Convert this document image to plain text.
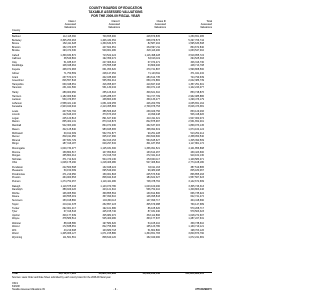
COUNTY BOARDS OF EDUCATION
TAXABLE ASSESSED VALUATIONS
FOR THE 2009-09 FISCAL YEAR
County
Class I
Assessed
Valuations
Class II
Assessed
Valuations
Class III
Assessed
Valuations
Total
Assessed
Valuations
Barbour	112,115,360	709,655,900	428,879,835	1,250,651,095
Berkeley	3,305,253,063	1,406,434,352	668,079,573	5,297,766,744
Boone	182,411,628	1,330,634,676	82,587,204	1,595,633,508
Braxton	152,470,978	447,604,651	264,597,211	864,672,840
Brooke	193,472,330	549,961,480	320,113,200	1,063,547,010
Cabell	1,369,934,872	713,522,424	1,116,498,428	3,519,955,724
Calhoun	38,549,802	192,359,472	63,616,119	294,525,393
Clay	51,935,647	227,306,612	67,074,471	346,316,730
Doddridge	108,348,964	276,555,338	63,809,406	448,713,708
Fayette	468,072,983	661,053,620	470,741,897	1,599,868,500
Gilmer	71,750,569	228,147,052	71,143,811	371,041,432
Grant	237,570,474	202,035,906	284,614,735	724,799,639
Greenbrier	826,557,843	565,354,014	650,474,882	2,042,386,739
Hampshire	630,348,651	316,055,907	410,847,043	1,357,251,601
Hancock	231,041,500	531,130,434	340,071,143	1,102,243,077
Hardy	289,000,950	255,126,616	309,621,310	853,748,876
Harrison	1,182,069,840	1,035,288,337	744,727,709	2,962,085,886
Jackson	530,479,657	438,863,045	330,133,477	1,299,476,179
Jefferson	2,558,421,140	1,051,029,255	426,200,769	4,035,651,164
Kanawha	2,903,040,944	2,413,455,684	2,709,976,753	8,026,473,381
Lewis	207,532,792	386,566,918	239,029,756	833,129,466
Lincoln	122,646,215	373,673,263	10,099,448	506,418,926
Logan	245,120,813	891,627,940	410,311,321	1,547,060,074
Marion	835,462,131	873,313,873	822,875,997	2,531,652,001
Marshall	542,363,200	864,072,930	462,637,015	1,869,073,145
Mason	322,125,840	983,945,665	368,092,619	1,674,164,124
McDowell	60,012,309	562,761,877	90,251,228	513,252,414
Mercer	892,011,950	605,197,990	840,840,600	2,338,050,540
Mineral	437,831,729	322,913,153	564,645,627	1,325,390,509
Mingo	187,316,187	629,297,632	301,187,353	1,117,801,172
Monongalia	1,640,734,077	1,125,031,300	1,336,091,521	4,101,856,898
Monroe	159,864,517	107,950,816	163,614,267	430,423,600
Morgan	465,804,014	172,016,703	272,341,413	910,162,130
Nicholas	371,712,624	504,470,130	253,600,117	1,109,583,071
Ohio	1,028,175,290	1,218,466,080	527,466,810	2,774,108,180
Pendleton	222,560,508	132,948,224	33,011,163	387,519,895
Pleasants	50,150,399	695,549,460	99,480,208	845,180,067
Pocahontas	471,219,950	150,061,803	245,573,540	866,855,293
Preston	464,000,653	808,944,643	184,622,327	1,557,567,623
Putnam	1,274,752,457	1,119,441,480	748,478,762	3,142,672,699
Raleigh	1,119,575,043	1,143,070,780	1,043,100,490	3,305,746,313
Randolph	389,929,426	423,121,610	536,752,410	1,349,803,446
Ritchie	166,065,560	369,855,564	130,814,800	666,735,924
Roane	109,555,019	367,090,610	146,095,843	622,741,472
Summers	153,018,860	104,300,113	147,099,717	404,418,690
Taylor	201,611,378	252,857,223	305,679,088	760,147,689
Tucker	292,001,417	192,101,680	86,105,620	570,208,717
Tyler	67,316,543	425,155,740	87,031,040	579,503,323
Upshur	329,177,639	325,982,072	363,112,896	1,018,272,607
Wayne	378,589,514	545,460,480	363,177,637	1,287,227,631
Webster	88,048,580	197,584,620	54,105,410	339,738,610
Wetzel	172,838,651	822,756,690	165,123,780	1,160,719,121
Wirt	43,219,608	103,680,718	51,802,800	198,703,126
Wood	1,405,066,127	1,071,155,880	1,364,651,783	3,840,873,790
Wyoming	111,561,561	808,640,120	152,040,000	1,072,241,681
Total	36,713,477,881	36,885,565,996	28,336,818,138	101,935,862,015
Sources: Laws Order and Rate Sheet submitted by each county board for the 2008-09 fiscal year.
OSF1
6/26/08
Taxable Assessed Valuations 09	- 9 -	ATTACHMENT I
